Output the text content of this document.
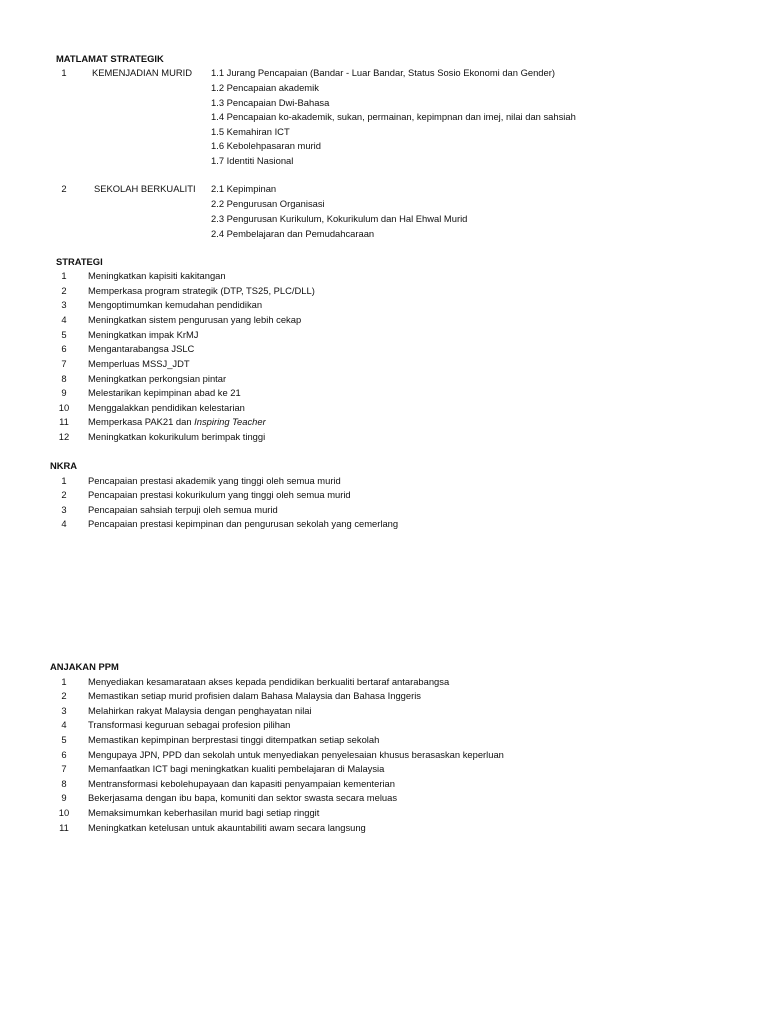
MATLAMAT STRATEGIK
1	KEMENJADIAN MURID 1.1 Jurang Pencapaian (Bandar - Luar Bandar, Status Sosio Ekonomi dan Gender)
1.2 Pencapaian akademik
1.3 Pencapaian Dwi-Bahasa
1.4 Pencapaian ko-akademik, sukan, permainan, kepimpnan dan imej, nilai dan sahsiah
1.5 Kemahiran ICT
1.6 Kebolehpasaran murid
1.7 Identiti Nasional
2	SEKOLAH BERKUALITI 2.1 Kepimpinan
2.2 Pengurusan Organisasi
2.3 Pengurusan Kurikulum, Kokurikulum dan Hal Ehwal Murid
2.4 Pembelajaran dan Pemudahcaraan
STRATEGI
1	Meningkatkan kapisiti kakitangan
2	Memperkasa program strategik (DTP, TS25, PLC/DLL)
3	Mengoptimumkan kemudahan pendidikan
4	Meningkatkan sistem pengurusan yang lebih cekap
5	Meningkatkan impak KrMJ
6	Mengantarabangsa JSLC
7	Memperluas MSSJ_JDT
8	Meningkatkan perkongsian pintar
9	Melestarikan kepimpinan abad ke 21
10	Menggalakkan pendidikan kelestarian
11	Memperkasa PAK21 dan Inspiring Teacher
12	Meningkatkan kokurikulum berimpak tinggi
NKRA
1	Pencapaian prestasi akademik yang tinggi oleh semua murid
2	Pencapaian prestasi kokurikulum yang tinggi oleh semua murid
3	Pencapaian sahsiah terpuji oleh semua murid
4	Pencapaian prestasi kepimpinan dan pengurusan sekolah yang cemerlang
ANJAKAN PPM
1	Menyediakan kesamarataan akses kepada pendidikan berkualiti bertaraf antarabangsa
2	Memastikan setiap murid profisien dalam Bahasa Malaysia dan Bahasa Inggeris
3	Melahirkan rakyat Malaysia dengan penghayatan nilai
4	Transformasi keguruan sebagai profesion pilihan
5	Memastikan kepimpinan berprestasi tinggi ditempatkan setiap sekolah
6	Mengupaya JPN, PPD dan sekolah untuk menyediakan penyelesaian khusus berasaskan keperluan
7	Memanfaatkan ICT bagi meningkatkan kualiti pembelajaran di Malaysia
8	Mentransformasi kebolehupayaan dan kapasiti penyampaian kementerian
9	Bekerjasama dengan ibu bapa, komuniti dan sektor swasta secara meluas
10	Memaksimumkan keberhasilan murid bagi setiap ringgit
11	Meningkatkan ketelusan untuk akauntabiliti awam secara langsung
